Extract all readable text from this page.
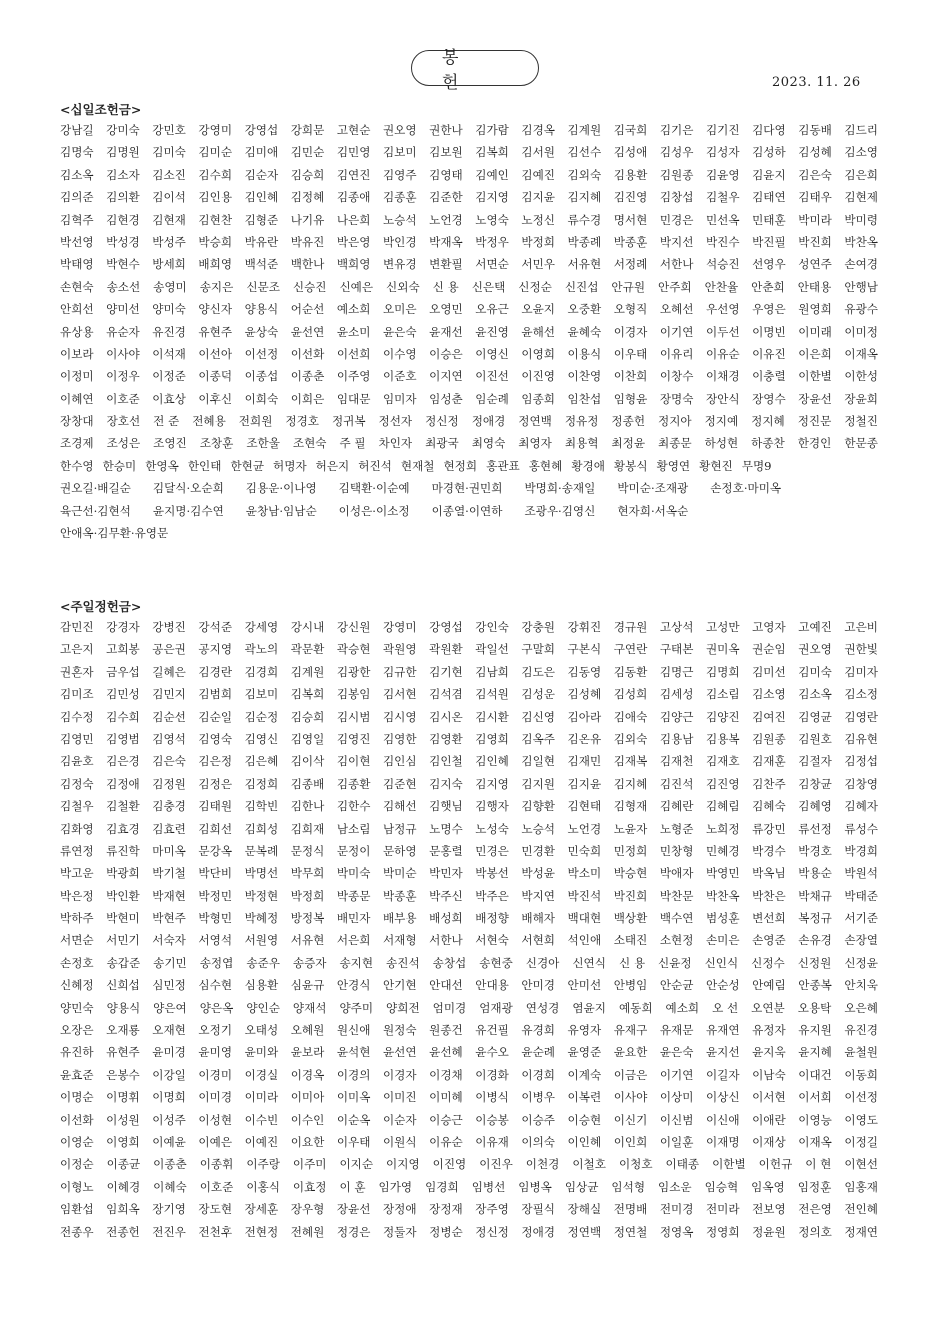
봉 헌	2023. 11. 26
<십일조헌금>
강남길 강미숙 강민호 강영미 강영섭 강희문 고현순 권오영 권한나 김가람 김경옥 김계원 김국희 김기은 김기진 김다영 김동배 김드리
김명숙 김명원 김미숙 김미순 김미애 김민순 김민영 김보미 김보원 김복희 김서원 김선수 김성애 김성우 김성자 김성하 김성혜 김소영
김소옥 김소자 김소진 김수희 김순자 김승희 김연진 김영주 김영태 김예인 김예진 김외숙 김용환 김원종 김윤영 김윤지 김은숙 김은희
김의준 김의환 김이석 김인용 김인혜 김정혜 김종애 김종훈 김준한 김지영 김지윤 김지혜 김진영 김창섭 김철우 김태연 김태우 김현제
김혁주 김현경 김현재 김현찬 김형준 나기유 나은희 노승석 노언경 노영숙 노정신 류수경 명서현 민경은 민선옥 민태훈 박미라 박미령
박선영 박성경 박성주 박승희 박유란 박유진 박은영 박인경 박재옥 박정우 박정희 박종례 박종훈 박지선 박진수 박진필 박진희 박찬옥
박태영 박현수 방세희 배희영 백석준 백한나 백희영 변유경 변환필 서면순 서민우 서유현 서정례 서한나 석승진 선영우 성연주 손여경
손현숙 송소선 송영미 송지은 신문조 신승진 신예은 신외숙 신 용 신은택 신정순 신진섭 안규원 안주희 안찬율 안춘희 안태용 안행남
안희선 양미선 양미숙 양신자 양용식 어순선 예소희 오미은 오영민 오유근 오윤지 오중환 오형직 오혜선 우선영 우영은 원영희 유광수
유상용 유순자 유진경 유현주 윤상숙 윤선연 윤소미 윤은숙 윤재선 윤진영 윤해선 윤혜숙 이경자 이기연 이두선 이명빈 이미래 이미정
이보라 이사야 이석재 이선아 이선정 이선화 이선희 이수영 이승은 이영신 이영희 이용식 이우태 이유리 이유순 이유진 이은희 이재옥
이정미 이정우 이정준 이종덕 이종섭 이종춘 이주영 이준호 이지연 이진선 이진영 이찬영 이찬희 이창수 이채경 이충렬 이한별 이한성
이혜연 이호준 이효상 이후신 이희숙 이희은 임대문 임미자 임성춘 임순례 임종희 임찬섭 임형윤 장명숙 장안식 장영수 장윤선 장윤희
장창대 장호선 전 준 전혜용 전희원 정경호 정귀복 정선자 정신정 정애경 정연백 정유정 정종헌 정지아 정지예 정지혜 정진문 정철진
조경제 조성은 조영진 조창훈 조한울 조현숙 주 필 차인자 최광국 최영숙 최영자 최용혁 최정윤 최종문 하성현 하종찬 한경인 한문종
한수영 한승미 한영옥 한인태 한현균 허명자 허은지 허진석 현재철 현정희 홍관표 홍현혜 황경애 황봉식 황영연 황현진 무명9
권오길·배길순 김달식·오순희 김용운·이나영 김택환·이순예 마경현·권민희 박명희·송재일 박미순·조재광 손정호·마미옥
육근선·김현석 윤지명·김수연 윤창남·임남순 이성은·이소정 이종열·이연하 조광우·김영신 현자희·서옥순
안애옥·김무환·유영문
<주일정헌금>
감민진 강경자 강병진 강석준 강세영 강시내 강신원 강영미 강영섭 강인숙 강충원 강휘진 경규원 고상석 고성만 고영자 고예진 고은비
고은지 고희봉 공은권 공지영 곽노의 곽문환 곽승현 곽원영 곽원환 곽일선 구말희 구본식 구연란 구태본 권미옥 권순임 권오영 권한빛
권혼자 금우섭 길혜은 김경란 김경희 김계원 김광한 김규한 김기현 김남희 김도은 김동영 김동환 김명근 김명희 김미선 김미숙 김미자
김미조 김민성 김민지 김범희 김보미 김복희 김봉임 김서현 김석겸 김석원 김성운 김성혜 김성희 김세성 김소림 김소영 김소옥 김소정
김수정 김수희 김순선 김순일 김순정 김승희 김시범 김시영 김시온 김시환 김신영 김아라 김애숙 김양근 김양진 김여진 김영균 김영란
김영민 김영범 김영석 김영숙 김영신 김영일 김영진 김영한 김영환 김영희 김옥주 김온유 김외숙 김용남 김용복 김원종 김원호 김유현
김윤호 김은경 김은숙 김은정 김은혜 김이삭 김이현 김인심 김인철 김인혜 김일현 김재민 김재복 김재천 김재호 김재훈 김절자 김정섭
김정숙 김정애 김정원 김정은 김정희 김종배 김종환 김준현 김지숙 김지영 김지원 김지윤 김지혜 김진석 김진영 김찬주 김창균 김창영
김철우 김철환 김충경 김태원 김학빈 김한나 김한수 김해선 김햇님 김행자 김향환 김현태 김형재 김혜란 김혜림 김혜숙 김혜영 김혜자
김화영 김효경 김효련 김희선 김희성 김희재 남소림 남정규 노명수 노성숙 노승석 노언경 노윤자 노형준 노희정 류강민 류선정 류성수
류연정 류진학 마미옥 문강옥 문복례 문정식 문정이 문하영 문홍렬 민경은 민경환 민숙희 민정희 민창형 민혜경 박경수 박경호 박경희
박고운 박광희 박기철 박단비 박명선 박무희 박미숙 박미순 박민자 박봉선 박성윤 박소미 박승현 박애자 박영민 박옥님 박용순 박원석
박은정 박인환 박재현 박정민 박정현 박정희 박종문 박종훈 박주신 박주은 박지연 박진석 박진희 박찬문 박찬옥 박찬은 박채규 박태준
박하주 박현미 박현주 박형민 박혜정 방정복 배민자 배부용 배성희 배정향 배해자 백대현 백상환 백수연 범성훈 변선희 복정규 서기준
서면순 서민기 서숙자 서영석 서원영 서유현 서은희 서재형 서한나 서현숙 서현희 석인애 소태진 소현정 손미은 손영준 손유경 손장열
손정호 송갑준 송기민 송정엽 송준우 송증자 송지현 송진석 송창섭 송현중 신경아 신연식 신 용 신윤정 신인식 신정수 신정원 신정윤
신혜정 신희섭 심민정 심수현 심용환 심윤규 안경식 안기현 안대선 안대용 안미경 안미선 안병임 안순균 안순성 안예림 안종복 안치욱
양민숙 양용식 양은여 양은옥 양인순 양재석 양주미 양희전 엄미경 엄재광 연성경 염윤지 예동희 예소희 오 선 오연분 오용탁 오은혜
오장은 오재룡 오재현 오정기 오태성 오혜원 원신애 원정숙 원종건 유건필 유경희 유영자 유재구 유재문 유재연 유정자 유지원 유진경
유진하 유현주 윤미경 윤미영 윤미와 윤보라 윤석현 윤선연 윤선혜 윤수오 윤순례 윤영준 윤요한 윤은숙 윤지선 윤지욱 윤지혜 윤철원
윤효준 은봉수 이강일 이경미 이경실 이경옥 이경의 이경자 이경채 이경화 이경희 이계숙 이금은 이기연 이길자 이남숙 이대건 이동희
이명순 이명휘 이명희 이미경 이미라 이미아 이미옥 이미진 이미혜 이병식 이병우 이복련 이사야 이상미 이상신 이서현 이서희 이선정
이선화 이성원 이성주 이성현 이수빈 이수인 이순옥 이순자 이승근 이승봉 이승주 이승현 이신기 이신범 이신애 이애란 이영능 이영도
이영순 이영희 이예윤 이예은 이예진 이요한 이우태 이원식 이유순 이유재 이의숙 이인혜 이인희 이일훈 이재명 이재상 이재옥 이정길
이정순 이종균 이종춘 이종휘 이주랑 이주미 이지순 이지영 이진영 이진우 이천경 이철호 이청호 이태종 이한별 이헌규 이 현 이현선
이형노 이혜경 이혜숙 이호준 이홍식 이효정 이 훈 임가영 임경희 임병선 임병옥 임상균 임석형 임소운 임승혁 임옥영 임정훈 임홍재
임환섭 임희옥 장기영 장도현 장세훈 장우형 장윤선 장정애 장정재 장주영 장필식 장해실 전명배 전미경 전미라 전보영 전은영 전인혜
전종우 전종헌 전진우 전천후 전현정 전혜원 정경은 정둘자 정병순 정신정 정애경 정연백 정연철 정영옥 정영희 정윤원 정의호 정재연
